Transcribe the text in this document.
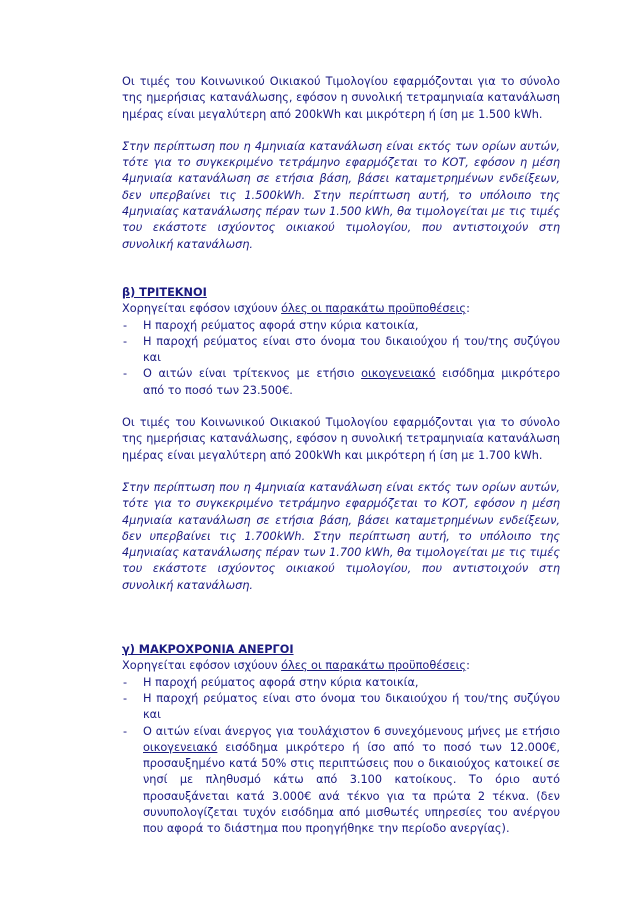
Οι τιμές του Κοινωνικού Οικιακού Τιμολογίου εφαρμόζονται για το σύνολο της ημερήσιας κατανάλωσης, εφόσον η συνολική τετραμηνιαία κατανάλωση ημέρας είναι μεγαλύτερη από 200kWh και μικρότερη ή ίση με 1.500 kWh.

Στην περίπτωση που η 4μηνιαία κατανάλωση είναι εκτός των ορίων αυτών, τότε για το συγκεκριμένο τετράμηνο εφαρμόζεται το ΚΟΤ, εφόσον η μέση 4μηνιαία κατανάλωση σε ετήσια βάση, βάσει καταμετρημένων ενδείξεων, δεν υπερβαίνει τις 1.500kWh. Στην περίπτωση αυτή, το υπόλοιπο της 4μηνιαίας κατανάλωσης πέραν των 1.500 kWh, θα τιμολογείται με τις τιμές του εκάστοτε ισχύοντος οικιακού τιμολογίου, που αντιστοιχούν στη συνολική κατανάλωση.

β) ΤΡΙΤΕΚΝΟΙ

Χορηγείται εφόσον ισχύουν όλες οι παρακάτω προϋποθέσεις:

- Η παροχή ρεύματος αφορά στην κύρια κατοικία,
- Η παροχή ρεύματος είναι στο όνομα του δικαιούχου ή του/της συζύγου και
- Ο αιτών είναι τρίτεκνος με ετήσιο οικογενειακό εισόδημα μικρότερο από το ποσό των 23.500€.

Οι τιμές του Κοινωνικού Οικιακού Τιμολογίου εφαρμόζονται για το σύνολο της ημερήσιας κατανάλωσης, εφόσον η συνολική τετραμηνιαία κατανάλωση ημέρας είναι μεγαλύτερη από 200kWh και μικρότερη ή ίση με 1.700 kWh.

Στην περίπτωση που η 4μηνιαία κατανάλωση είναι εκτός των ορίων αυτών, τότε για το συγκεκριμένο τετράμηνο εφαρμόζεται το ΚΟΤ, εφόσον η μέση 4μηνιαία κατανάλωση σε ετήσια βάση, βάσει καταμετρημένων ενδείξεων, δεν υπερβαίνει τις 1.700kWh. Στην περίπτωση αυτή, το υπόλοιπο της 4μηνιαίας κατανάλωσης πέραν των 1.700 kWh, θα τιμολογείται με τις τιμές του εκάστοτε ισχύοντος οικιακού τιμολογίου, που αντιστοιχούν στη συνολική κατανάλωση.

γ) ΜΑΚΡΟΧΡΟΝΙΑ ΑΝΕΡΓΟΙ

Χορηγείται εφόσον ισχύουν όλες οι παρακάτω προϋποθέσεις:

- Η παροχή ρεύματος αφορά στην κύρια κατοικία,
- Η παροχή ρεύματος είναι στο όνομα του δικαιούχου ή του/της συζύγου και
- Ο αιτών είναι άνεργος για τουλάχιστον 6 συνεχόμενους μήνες με ετήσιο οικογενειακό εισόδημα μικρότερο ή ίσο από το ποσό των 12.000€, προσαυξημένο κατά 50% στις περιπτώσεις που ο δικαιούχος κατοικεί σε νησί με πληθυσμό κάτω από 3.100 κατοίκους. Το όριο αυτό προσαυξάνεται κατά 3.000€ ανά τέκνο για τα πρώτα 2 τέκνα. (δεν συνυπολογίζεται τυχόν εισόδημα από μισθωτές υπηρεσίες του ανέργου που αφορά το διάστημα που προηγήθηκε την περίοδο ανεργίας).
